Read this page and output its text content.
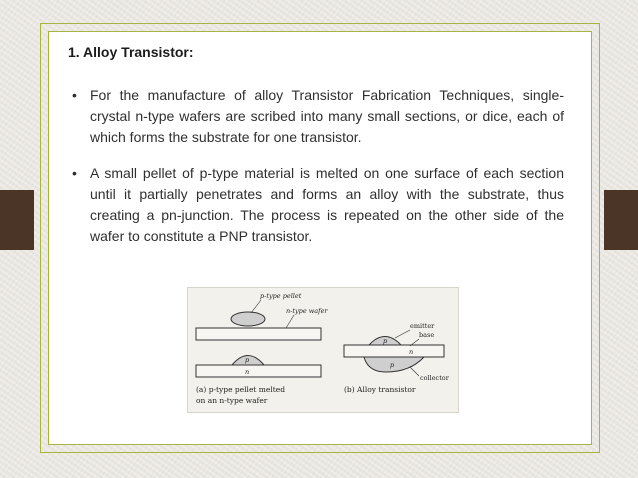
1. Alloy Transistor:
• For the manufacture of alloy Transistor Fabrication Techniques, single-crystal n-type wafers are scribed into many small sections, or dice, each of which forms the substrate for one transistor.
• A small pellet of p-type material is melted on one surface of each section until it partially penetrates and forms an alloy with the substrate, thus creating a pn-junction. The process is repeated on the other side of the wafer to constitute a PNP transistor.
p-type pellet
n-type wafer
p
n
p
n
p
emitter
base
collector
(a) p-type pellet melted
on an n-type wafer
(b) Alloy transistor
